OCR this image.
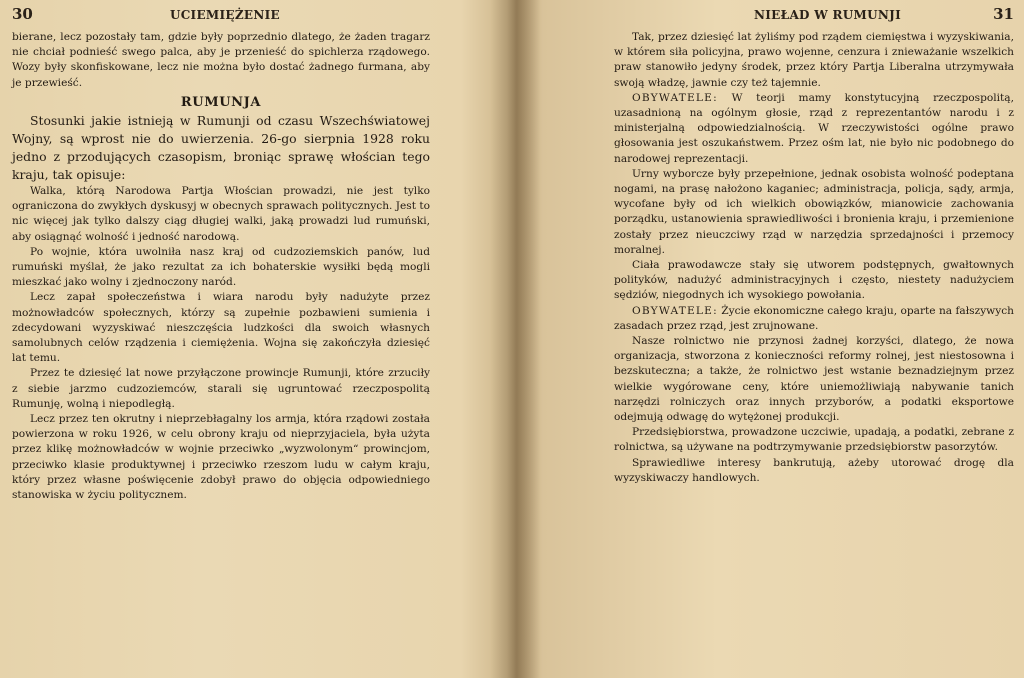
30	UCIEMIĘŻENIE

bierane, lecz pozostały tam, gdzie były poprzednio dlatego, że żaden tragarz nie chciał podnieść swego palca, aby je przenieść do spichlerza rządowego. Wozy były skonfiskowane, lecz nie można było dostać żadnego furmana, aby je przewieść.

RUMUNJA

Stosunki jakie istnieją w Rumunji od czasu Wszechświatowej Wojny, są wprost nie do uwierzenia. 26-go sierpnia 1928 roku jedno z przodujących czasopism, broniąc sprawę włościan tego kraju, tak opisuje:

Walka, którą Narodowa Partja Włościan prowadzi, nie jest tylko ograniczona do zwykłych dyskusyj w obecnych sprawach politycznych. Jest to nic więcej jak tylko dalszy ciąg długiej walki, jaką prowadzi lud rumuński, aby osiągnąć wolność i jedność narodową.

Po wojnie, która uwolniła nasz kraj od cudzoziemskich panów, lud rumuński myślał, że jako rezultat za ich bohaterskie wysiłki będą mogli mieszkać jako wolny i zjednoczony naród.

Lecz zapał społeczeństwa i wiara narodu były nadużyte przez możnowładców społecznych, którzy są zupełnie pozbawieni sumienia i zdecydowani wyzyskiwać nieszczęścia ludzkości dla swoich własnych samolubnych celów rządzenia i ciemiężenia. Wojna się zakończyła dziesięć lat temu.

Przez te dziesięć lat nowe przyłączone prowincje Rumunji, które zrzuciły z siebie jarzmo cudzoziemców, starali się ugruntować rzeczpospolitą Rumunję, wolną i niepodległą.

Lecz przez ten okrutny i nieprzebłagalny los armja, która rządowi została powierzona w roku 1926, w celu obrony kraju od nieprzyjaciela, była użyta przez klikę możnowładców w wojnie przeciwko „wyzwolonym“ prowincjom, przeciwko klasie produktywnej i przeciwko rzeszom ludu w całym kraju, który przez własne poświęcenie zdobył prawo do objęcia odpowiedniego stanowiska w życiu politycznem.

NIEŁAD W RUMUNJI	31

Tak, przez dziesięć lat żyliśmy pod rządem ciemięstwa i wyzyskiwania, w którem siła policyjna, prawo wojenne, cenzura i znieważanie wszelkich praw stanowiło jedyny środek, przez który Partja Liberalna utrzymywała swoją władzę, jawnie czy też tajemnie.

OBYWATELE: W teorji mamy konstytucyjną rzeczpospolitą, uzasadnioną na ogólnym głosie, rząd z reprezentantów narodu i z ministerjalną odpowiedzialnością. W rzeczywistości ogólne prawo głosowania jest oszukaństwem. Przez ośm lat, nie było nic podobnego do narodowej reprezentacji.

Urny wyborcze były przepełnione, jednak osobista wolność podeptana nogami, na prasę nałożono kaganiec; administracja, policja, sądy, armja, wycofane były od ich wielkich obowiązków, mianowicie zachowania porządku, ustanowienia sprawiedliwości i bronienia kraju, i przemienione zostały przez nieuczciwy rząd w narzędzia sprzedajności i przemocy moralnej.

Ciała prawodawcze stały się utworem podstępnych, gwałtownych polityków, nadużyć administracyjnych i często, niestety nadużyciem sędziów, niegodnych ich wysokiego powołania.

OBYWATELE: Życie ekonomiczne całego kraju, oparte na fałszywych zasadach przez rząd, jest zrujnowane.

Nasze rolnictwo nie przynosi żadnej korzyści, dlatego, że nowa organizacja, stworzona z konieczności reformy rolnej, jest niestosowna i bezskuteczna; a także, że rolnictwo jest wstanie beznadziejnym przez wielkie wygórowane ceny, które uniemożliwiają nabywanie tanich narzędzi rolniczych oraz innych przyborów, a podatki eksportowe odejmują odwagę do wytężonej produkcji.

Przedsiębiorstwa, prowadzone uczciwie, upadają, a podatki, zebrane z rolnictwa, są używane na podtrzymywanie przedsiębiorstw pasorzytów.

Sprawiedliwe interesy bankrutują, ażeby utorować drogę dla wyzyskiwaczy handlowych.
